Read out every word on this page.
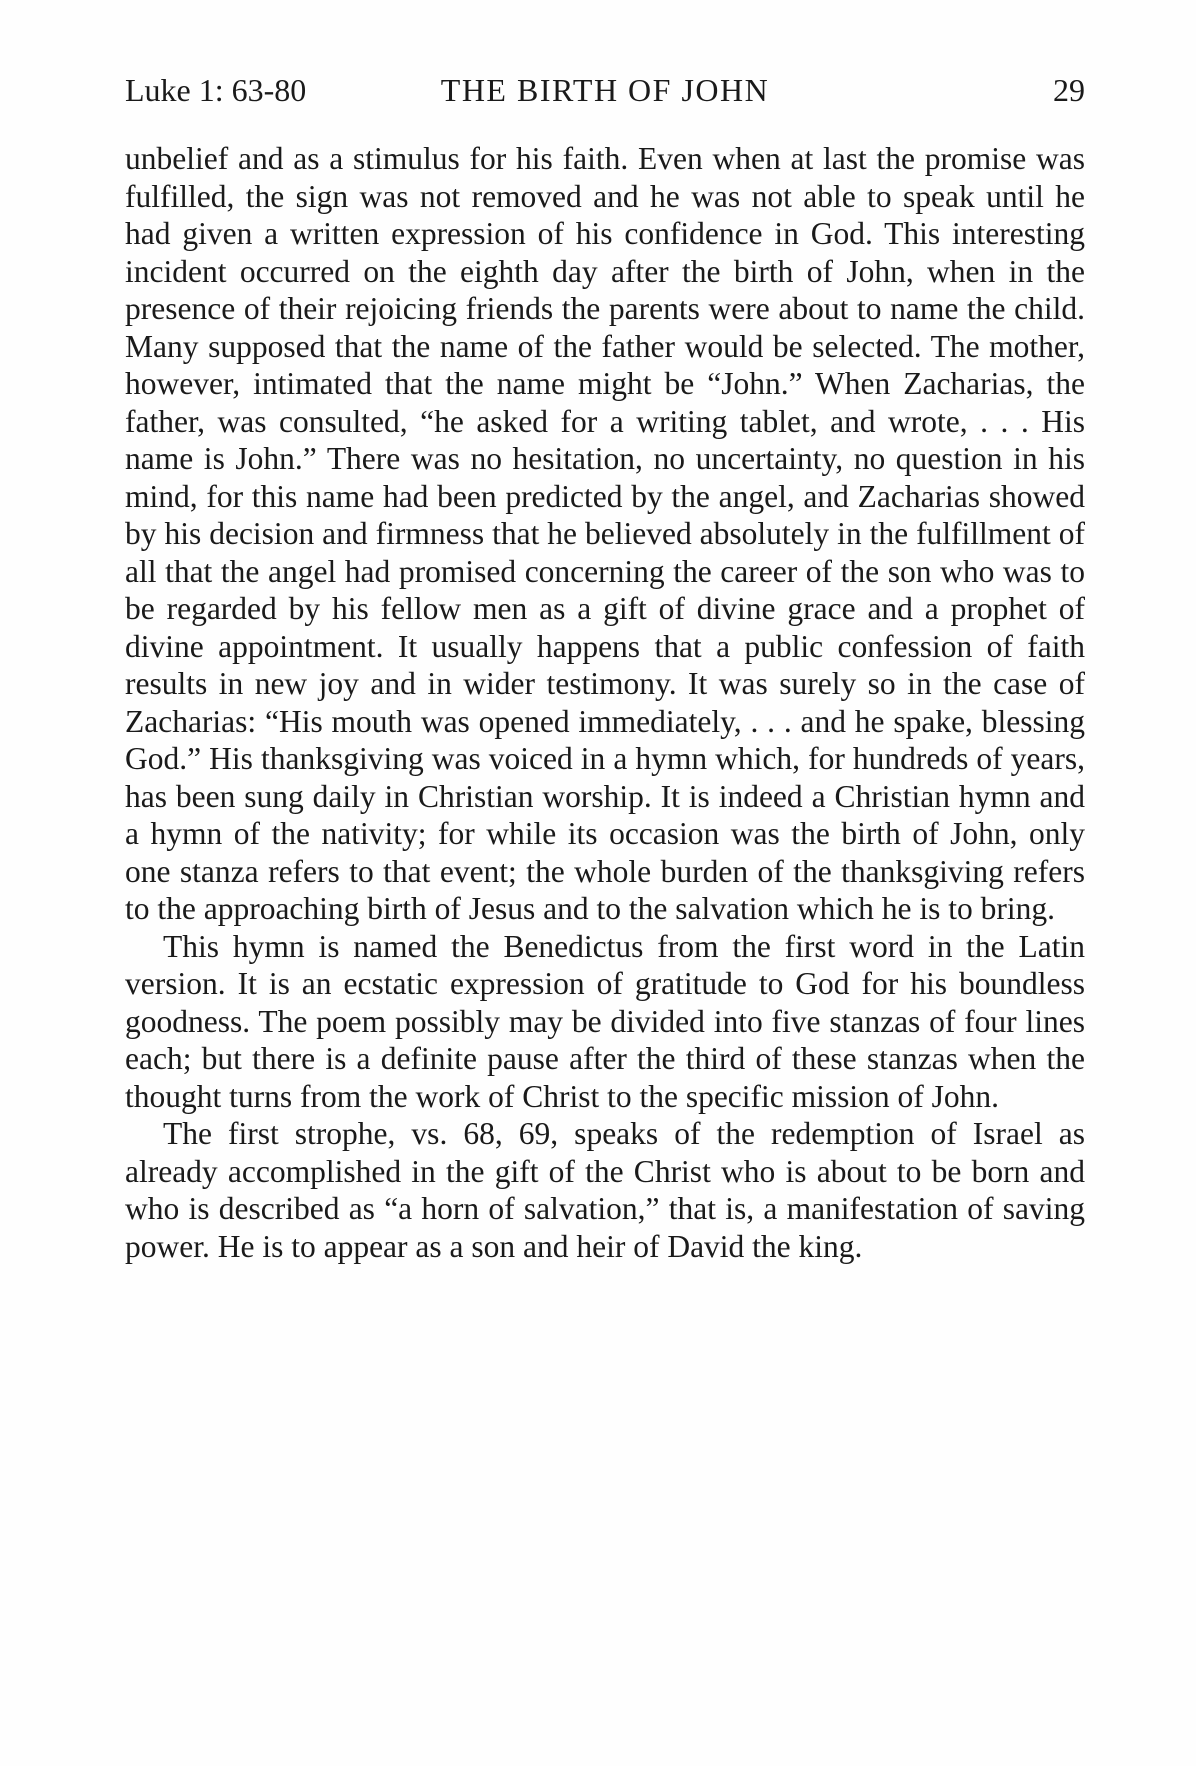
Luke 1: 63-80	THE BIRTH OF JOHN	29

unbelief and as a stimulus for his faith. Even when at last the promise was fulfilled, the sign was not removed and he was not able to speak until he had given a written expression of his confidence in God. This interesting incident occurred on the eighth day after the birth of John, when in the presence of their rejoicing friends the parents were about to name the child. Many supposed that the name of the father would be selected. The mother, however, intimated that the name might be “John.” When Zacharias, the father, was consulted, “he asked for a writing tablet, and wrote, . . . His name is John.” There was no hesitation, no uncertainty, no question in his mind, for this name had been predicted by the angel, and Zacharias showed by his decision and firmness that he believed absolutely in the fulfillment of all that the angel had promised concerning the career of the son who was to be regarded by his fellow men as a gift of divine grace and a prophet of divine appointment. It usually happens that a public confession of faith results in new joy and in wider testimony. It was surely so in the case of Zacharias: “His mouth was opened immediately, . . . and he spake, blessing God.” His thanksgiving was voiced in a hymn which, for hundreds of years, has been sung daily in Christian worship. It is indeed a Christian hymn and a hymn of the nativity; for while its occasion was the birth of John, only one stanza refers to that event; the whole burden of the thanksgiving refers to the approaching birth of Jesus and to the salvation which he is to bring.

This hymn is named the Benedictus from the first word in the Latin version. It is an ecstatic expression of gratitude to God for his boundless goodness. The poem possibly may be divided into five stanzas of four lines each; but there is a definite pause after the third of these stanzas when the thought turns from the work of Christ to the specific mission of John.

The first strophe, vs. 68, 69, speaks of the redemption of Israel as already accomplished in the gift of the Christ who is about to be born and who is described as “a horn of salvation,” that is, a manifestation of saving power. He is to appear as a son and heir of David the king.
